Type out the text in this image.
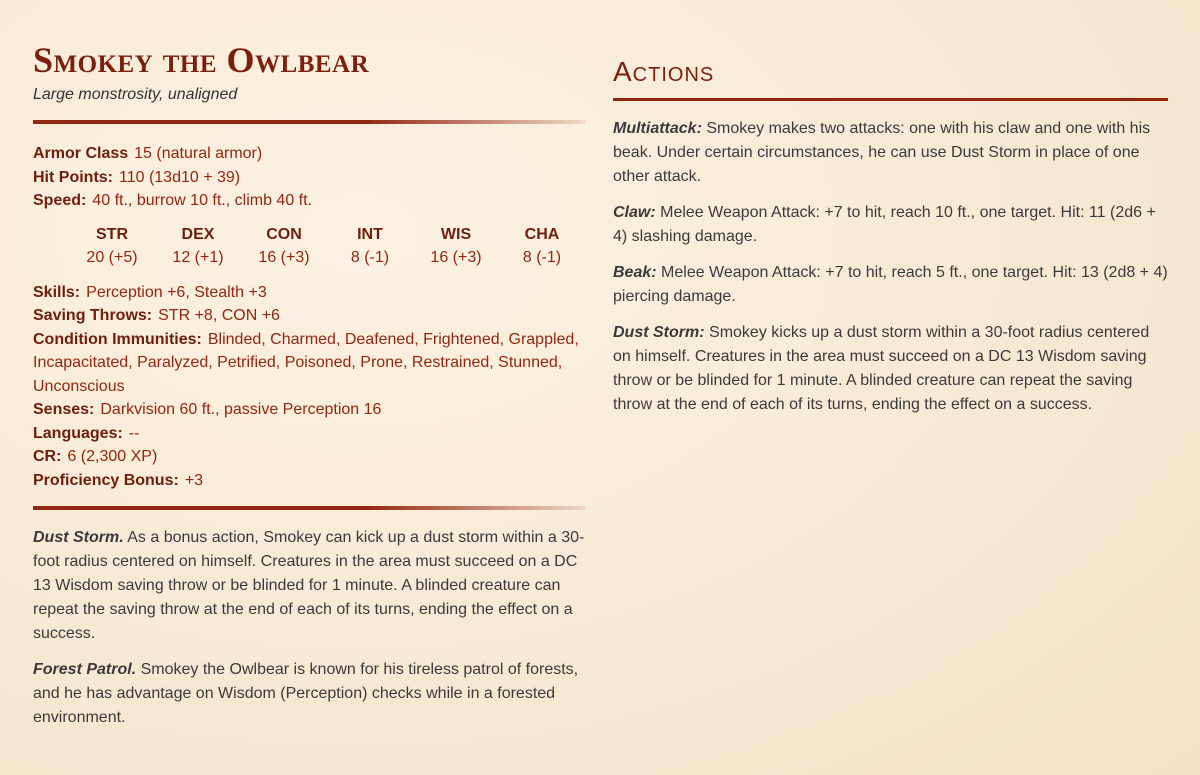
Smokey the Owlbear
Large monstrosity, unaligned
Armor Class 15 (natural armor)
Hit Points: 110 (13d10 + 39)
Speed: 40 ft., burrow 10 ft., climb 40 ft.
STR
20 (+5)
DEX
12 (+1)
CON
16 (+3)
INT
8 (-1)
WIS
16 (+3)
CHA
8 (-1)
Skills: Perception +6, Stealth +3
Saving Throws: STR +8, CON +6
Condition Immunities: Blinded, Charmed, Deafened, Frightened, Grappled, Incapacitated, Paralyzed, Petrified, Poisoned, Prone, Restrained, Stunned, Unconscious
Senses: Darkvision 60 ft., passive Perception 16
Languages: --
CR: 6 (2,300 XP)
Proficiency Bonus: +3

Dust Storm. As a bonus action, Smokey can kick up a dust storm within a 30-foot radius centered on himself. Creatures in the area must succeed on a DC 13 Wisdom saving throw or be blinded for 1 minute. A blinded creature can repeat the saving throw at the end of each of its turns, ending the effect on a success.

Forest Patrol. Smokey the Owlbear is known for his tireless patrol of forests, and he has advantage on Wisdom (Perception) checks while in a forested environment.

Actions

Multiattack: Smokey makes two attacks: one with his claw and one with his beak. Under certain circumstances, he can use Dust Storm in place of one other attack.

Claw: Melee Weapon Attack: +7 to hit, reach 10 ft., one target. Hit: 11 (2d6 + 4) slashing damage.

Beak: Melee Weapon Attack: +7 to hit, reach 5 ft., one target. Hit: 13 (2d8 + 4) piercing damage.

Dust Storm: Smokey kicks up a dust storm within a 30-foot radius centered on himself. Creatures in the area must succeed on a DC 13 Wisdom saving throw or be blinded for 1 minute. A blinded creature can repeat the saving throw at the end of each of its turns, ending the effect on a success.
